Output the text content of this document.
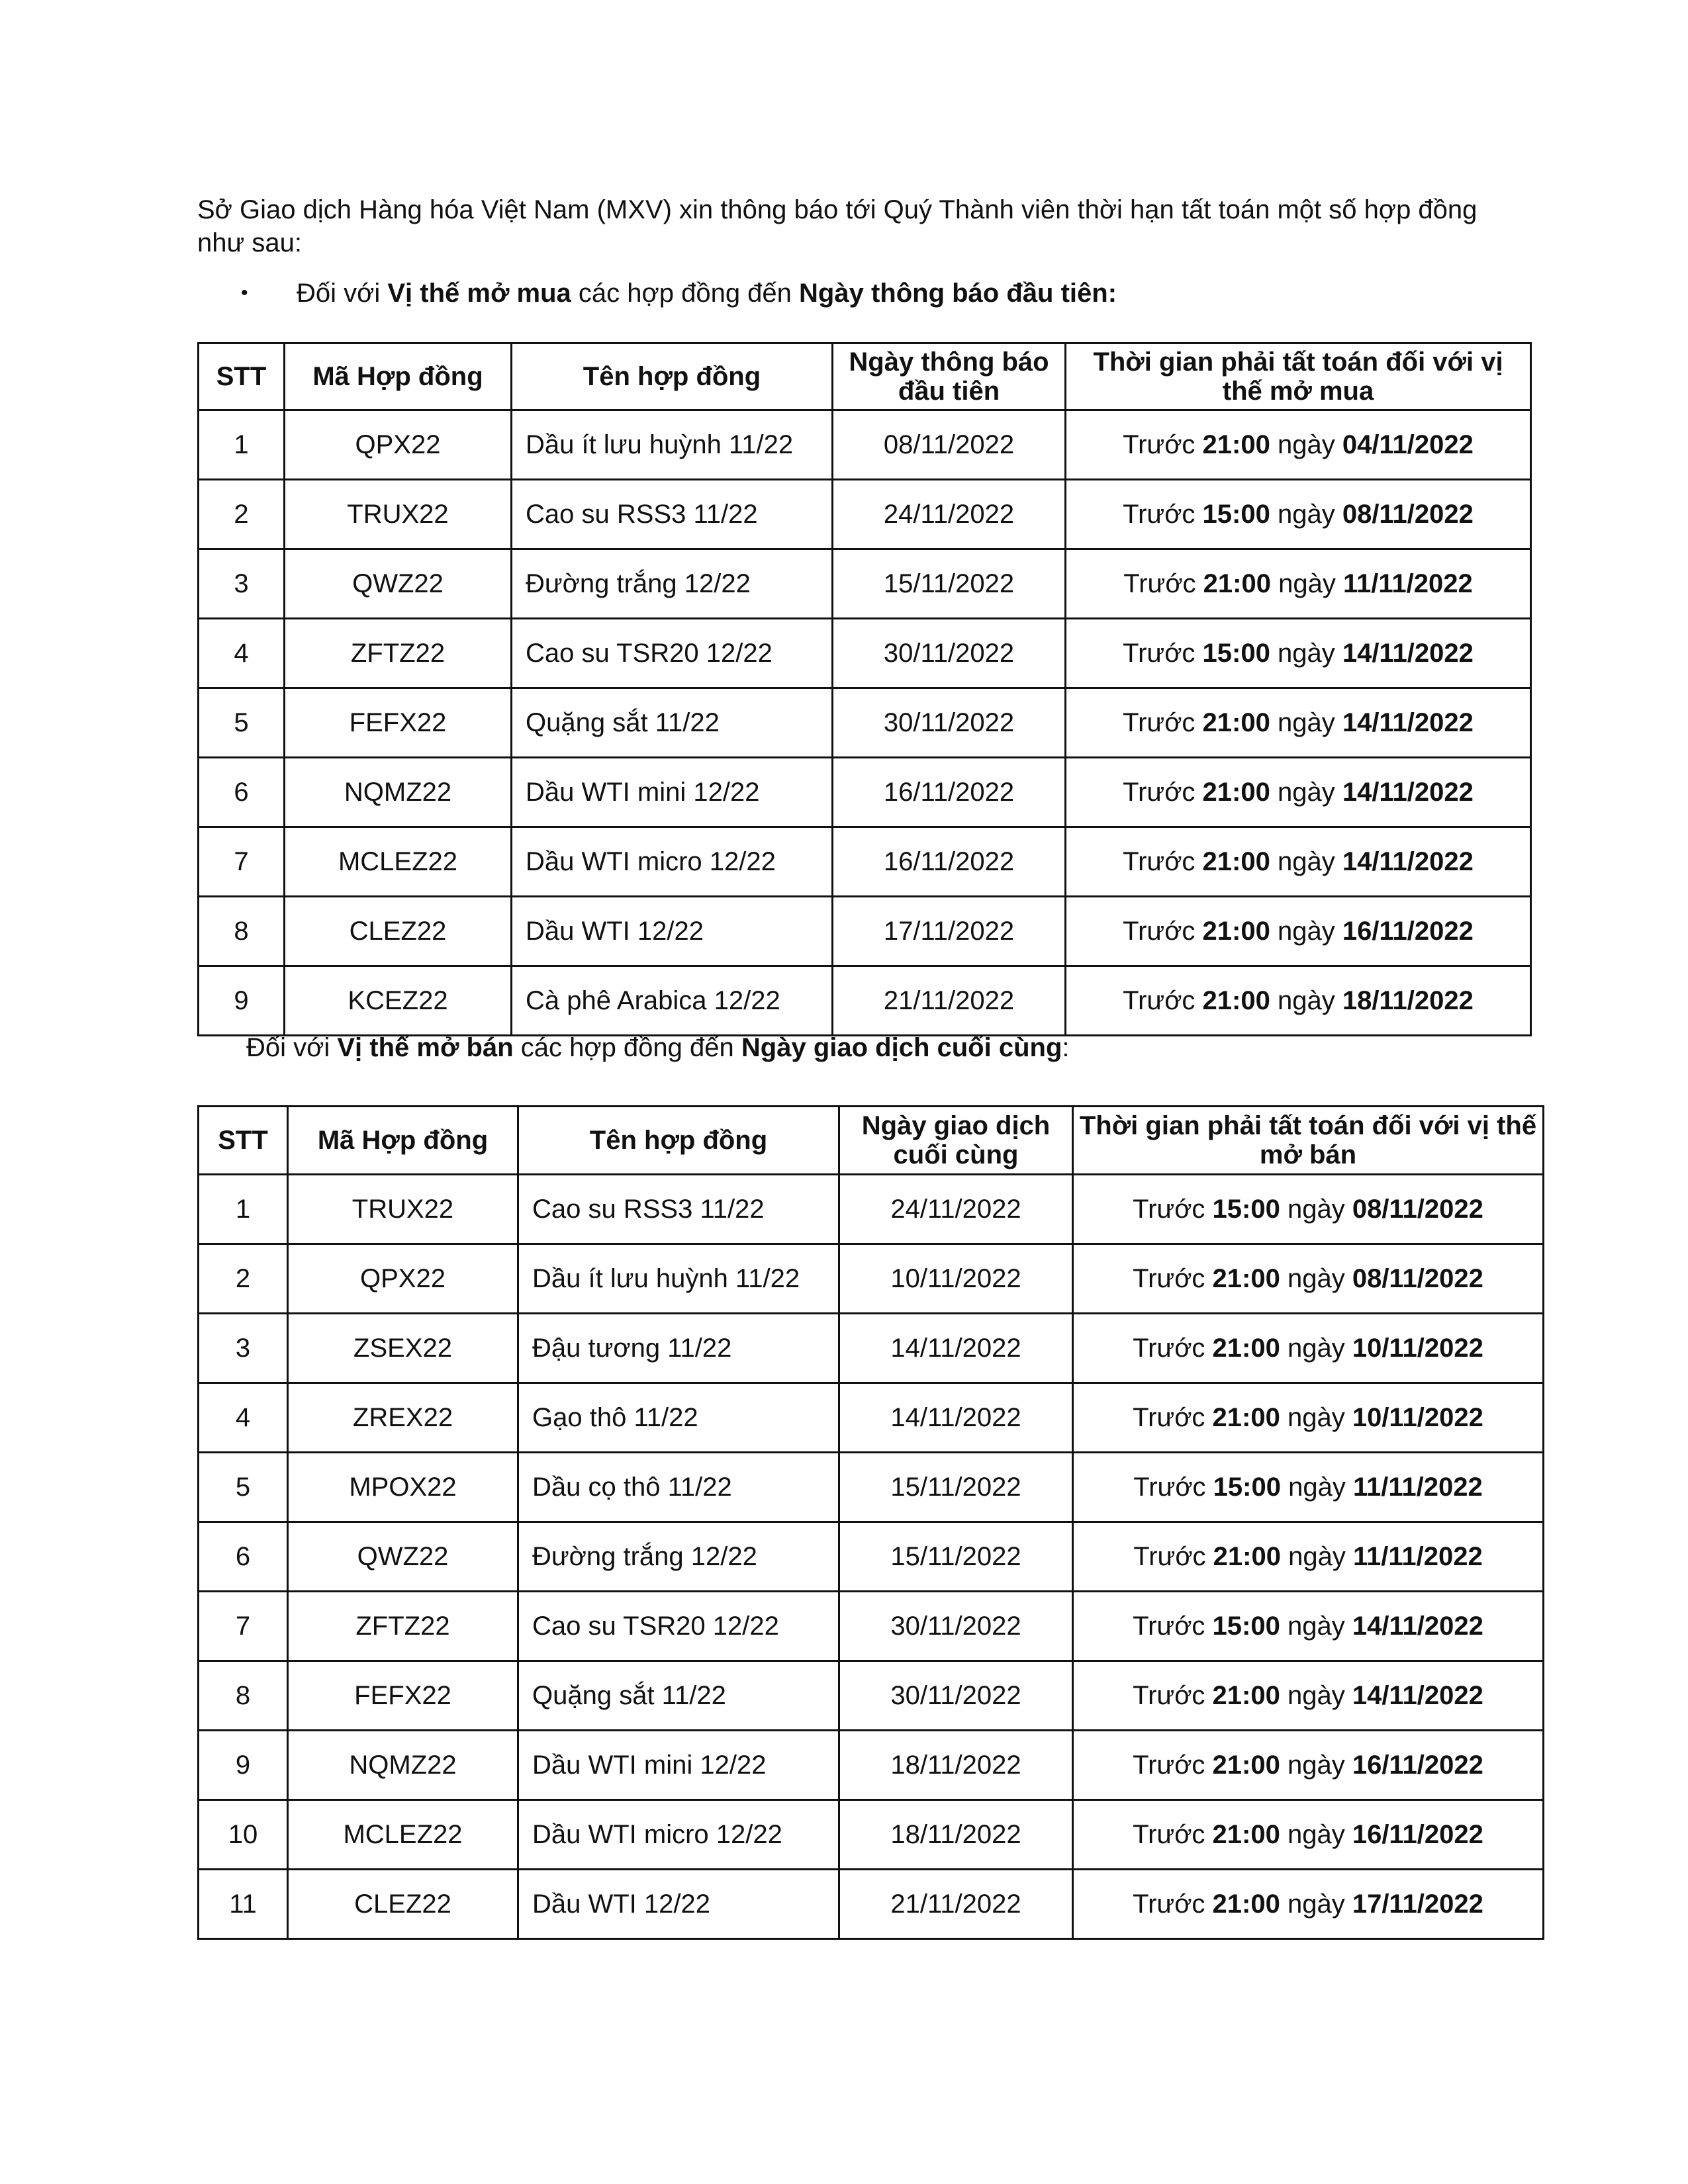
Sở Giao dịch Hàng hóa Việt Nam (MXV) xin thông báo tới Quý Thành viên thời hạn tất toán một số hợp đồng như sau:

• Đối với Vị thế mở mua các hợp đồng đến Ngày thông báo đầu tiên:

STT	Mã Hợp đồng	Tên hợp đồng	Ngày thông báo đầu tiên	Thời gian phải tất toán đối với vị thế mở mua
1	QPX22	Dầu ít lưu huỳnh 11/22	08/11/2022	Trước 21:00 ngày 04/11/2022
2	TRUX22	Cao su RSS3 11/22	24/11/2022	Trước 15:00 ngày 08/11/2022
3	QWZ22	Đường trắng 12/22	15/11/2022	Trước 21:00 ngày 11/11/2022
4	ZFTZ22	Cao su TSR20 12/22	30/11/2022	Trước 15:00 ngày 14/11/2022
5	FEFX22	Quặng sắt 11/22	30/11/2022	Trước 21:00 ngày 14/11/2022
6	NQMZ22	Dầu WTI mini 12/22	16/11/2022	Trước 21:00 ngày 14/11/2022
7	MCLEZ22	Dầu WTI micro 12/22	16/11/2022	Trước 21:00 ngày 14/11/2022
8	CLEZ22	Dầu WTI 12/22	17/11/2022	Trước 21:00 ngày 16/11/2022
9	KCEZ22	Cà phê Arabica 12/22	21/11/2022	Trước 21:00 ngày 18/11/2022

Đối với Vị thế mở bán các hợp đồng đến Ngày giao dịch cuối cùng:

STT	Mã Hợp đồng	Tên hợp đồng	Ngày giao dịch cuối cùng	Thời gian phải tất toán đối với vị thế mở bán
1	TRUX22	Cao su RSS3 11/22	24/11/2022	Trước 15:00 ngày 08/11/2022
2	QPX22	Dầu ít lưu huỳnh 11/22	10/11/2022	Trước 21:00 ngày 08/11/2022
3	ZSEX22	Đậu tương 11/22	14/11/2022	Trước 21:00 ngày 10/11/2022
4	ZREX22	Gạo thô 11/22	14/11/2022	Trước 21:00 ngày 10/11/2022
5	MPOX22	Dầu cọ thô 11/22	15/11/2022	Trước 15:00 ngày 11/11/2022
6	QWZ22	Đường trắng 12/22	15/11/2022	Trước 21:00 ngày 11/11/2022
7	ZFTZ22	Cao su TSR20 12/22	30/11/2022	Trước 15:00 ngày 14/11/2022
8	FEFX22	Quặng sắt 11/22	30/11/2022	Trước 21:00 ngày 14/11/2022
9	NQMZ22	Dầu WTI mini 12/22	18/11/2022	Trước 21:00 ngày 16/11/2022
10	MCLEZ22	Dầu WTI micro 12/22	18/11/2022	Trước 21:00 ngày 16/11/2022
11	CLEZ22	Dầu WTI 12/22	21/11/2022	Trước 21:00 ngày 17/11/2022
